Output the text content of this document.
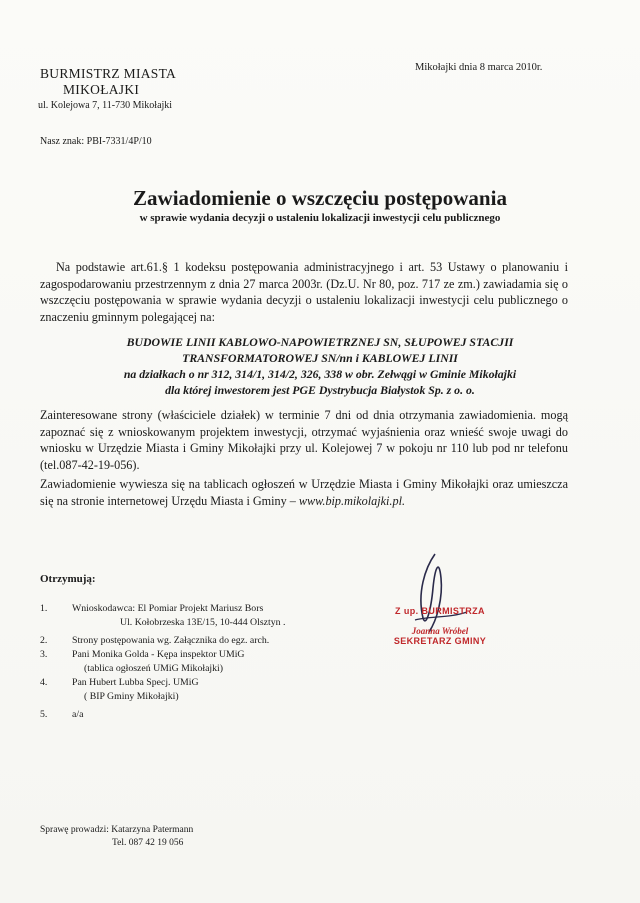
Mikołajki dnia 8 marca 2010r.
BURMISTRZ MIASTA
MIKOŁAJKI
ul. Kolejowa 7, 11-730 Mikołajki
Nasz znak: PBI-7331/4P/10
Zawiadomienie o wszczęciu postępowania
w sprawie wydania decyzji o ustaleniu lokalizacji inwestycji celu publicznego
Na podstawie art.61.§ 1 kodeksu postępowania administracyjnego i art. 53 Ustawy o planowaniu i zagospodarowaniu przestrzennym z dnia 27 marca 2003r. (Dz.U. Nr 80, poz. 717 ze zm.) zawiadamia się o wszczęciu postępowania w sprawie wydania decyzji o ustaleniu lokalizacji inwestycji celu publicznego o znaczeniu gminnym polegającej na:
BUDOWIE LINII KABLOWO-NAPOWIETRZNEJ SN, SŁUPOWEJ STACJII
TRANSFORMATOROWEJ SN/nn i KABLOWEJ LINII
na działkach o nr 312, 314/1, 314/2, 326, 338 w obr. Zełwągi w Gminie Mikołajki
dla której inwestorem jest PGE Dystrybucja Białystok Sp. z o. o.
Zainteresowane strony (właściciele działek) w terminie 7 dni od dnia otrzymania zawiadomienia. mogą zapoznać się z wnioskowanym projektem inwestycji, otrzymać wyjaśnienia oraz wnieść swoje uwagi do wniosku w Urzędzie Miasta i Gminy Mikołajki przy ul. Kolejowej 7 w pokoju nr 110 lub pod nr telefonu (tel.087-42-19-056).
Zawiadomienie wywiesza się na tablicach ogłoszeń w Urzędzie Miasta i Gminy Mikołajki oraz umieszcza się na stronie internetowej Urzędu Miasta i Gminy – www.bip.mikolajki.pl.
Otrzymują:
1.	Wnioskodawca: El Pomiar Projekt Mariusz Bors
Ul. Kołobrzeska 13E/15, 10-444 Olsztyn .
2.	Strony postępowania wg. Załącznika do egz. arch.
3.	Pani Monika Golda - Kępa inspektor UMiG
(tablica ogłoszeń UMiG Mikołajki)
4.	Pan Hubert Lubba Specj. UMiG
( BIP Gminy Mikołajki)
5.	a/a
Sprawę prowadzi: Katarzyna Patermann
Tel. 087 42 19 056
Z up. BURMISTRZA
Joanna Wróbel
SEKRETARZ GMINY
